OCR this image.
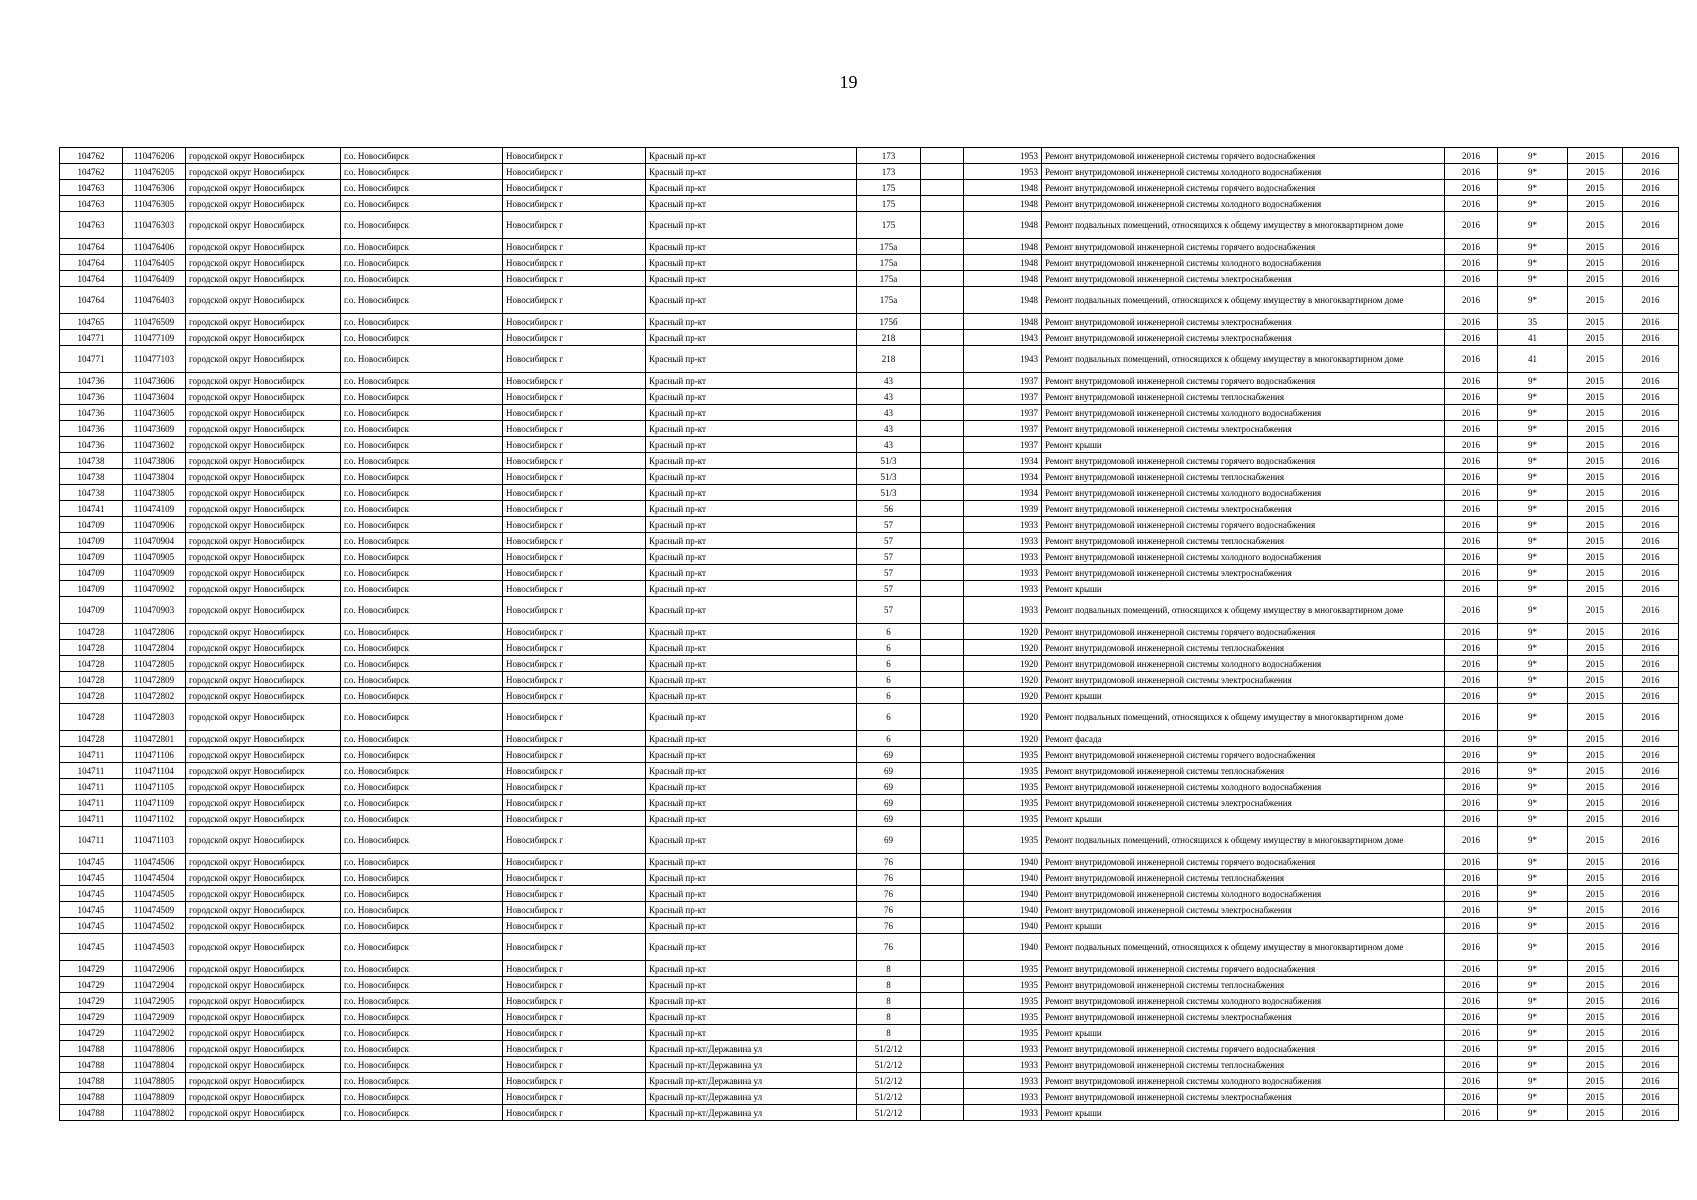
19
104762	110476206	городской округ Новосибирск	г.о. Новосибирск	Новосибирск г	Красный пр-кт	173		1953	Ремонт внутридомовой инженерной системы горячего водоснабжения	2016	9*	2015	2016
104762	110476205	городской округ Новосибирск	г.о. Новосибирск	Новосибирск г	Красный пр-кт	173		1953	Ремонт внутридомовой инженерной системы холодного водоснабжения	2016	9*	2015	2016
104763	110476306	городской округ Новосибирск	г.о. Новосибирск	Новосибирск г	Красный пр-кт	175		1948	Ремонт внутридомовой инженерной системы горячего водоснабжения	2016	9*	2015	2016
104763	110476305	городской округ Новосибирск	г.о. Новосибирск	Новосибирск г	Красный пр-кт	175		1948	Ремонт внутридомовой инженерной системы холодного водоснабжения	2016	9*	2015	2016
104763	110476303	городской округ Новосибирск	г.о. Новосибирск	Новосибирск г	Красный пр-кт	175		1948	Ремонт подвальных помещений, относящихся к общему имуществу в многоквартирном доме	2016	9*	2015	2016
104764	110476406	городской округ Новосибирск	г.о. Новосибирск	Новосибирск г	Красный пр-кт	175а		1948	Ремонт внутридомовой инженерной системы горячего водоснабжения	2016	9*	2015	2016
104764	110476405	городской округ Новосибирск	г.о. Новосибирск	Новосибирск г	Красный пр-кт	175а		1948	Ремонт внутридомовой инженерной системы холодного водоснабжения	2016	9*	2015	2016
104764	110476409	городской округ Новосибирск	г.о. Новосибирск	Новосибирск г	Красный пр-кт	175а		1948	Ремонт внутридомовой инженерной системы электроснабжения	2016	9*	2015	2016
104764	110476403	городской округ Новосибирск	г.о. Новосибирск	Новосибирск г	Красный пр-кт	175а		1948	Ремонт подвальных помещений, относящихся к общему имуществу в многоквартирном доме	2016	9*	2015	2016
104765	110476509	городской округ Новосибирск	г.о. Новосибирск	Новосибирск г	Красный пр-кт	175б		1948	Ремонт внутридомовой инженерной системы электроснабжения	2016	35	2015	2016
104771	110477109	городской округ Новосибирск	г.о. Новосибирск	Новосибирск г	Красный пр-кт	218		1943	Ремонт внутридомовой инженерной системы электроснабжения	2016	41	2015	2016
104771	110477103	городской округ Новосибирск	г.о. Новосибирск	Новосибирск г	Красный пр-кт	218		1943	Ремонт подвальных помещений, относящихся к общему имуществу в многоквартирном доме	2016	41	2015	2016
104736	110473606	городской округ Новосибирск	г.о. Новосибирск	Новосибирск г	Красный пр-кт	43		1937	Ремонт внутридомовой инженерной системы горячего водоснабжения	2016	9*	2015	2016
104736	110473604	городской округ Новосибирск	г.о. Новосибирск	Новосибирск г	Красный пр-кт	43		1937	Ремонт внутридомовой инженерной системы теплоснабжения	2016	9*	2015	2016
104736	110473605	городской округ Новосибирск	г.о. Новосибирск	Новосибирск г	Красный пр-кт	43		1937	Ремонт внутридомовой инженерной системы холодного водоснабжения	2016	9*	2015	2016
104736	110473609	городской округ Новосибирск	г.о. Новосибирск	Новосибирск г	Красный пр-кт	43		1937	Ремонт внутридомовой инженерной системы электроснабжения	2016	9*	2015	2016
104736	110473602	городской округ Новосибирск	г.о. Новосибирск	Новосибирск г	Красный пр-кт	43		1937	Ремонт крыши	2016	9*	2015	2016
104738	110473806	городской округ Новосибирск	г.о. Новосибирск	Новосибирск г	Красный пр-кт	51/3		1934	Ремонт внутридомовой инженерной системы горячего водоснабжения	2016	9*	2015	2016
104738	110473804	городской округ Новосибирск	г.о. Новосибирск	Новосибирск г	Красный пр-кт	51/3		1934	Ремонт внутридомовой инженерной системы теплоснабжения	2016	9*	2015	2016
104738	110473805	городской округ Новосибирск	г.о. Новосибирск	Новосибирск г	Красный пр-кт	51/3		1934	Ремонт внутридомовой инженерной системы холодного водоснабжения	2016	9*	2015	2016
104741	110474109	городской округ Новосибирск	г.о. Новосибирск	Новосибирск г	Красный пр-кт	56		1939	Ремонт внутридомовой инженерной системы электроснабжения	2016	9*	2015	2016
104709	110470906	городской округ Новосибирск	г.о. Новосибирск	Новосибирск г	Красный пр-кт	57		1933	Ремонт внутридомовой инженерной системы горячего водоснабжения	2016	9*	2015	2016
104709	110470904	городской округ Новосибирск	г.о. Новосибирск	Новосибирск г	Красный пр-кт	57		1933	Ремонт внутридомовой инженерной системы теплоснабжения	2016	9*	2015	2016
104709	110470905	городской округ Новосибирск	г.о. Новосибирск	Новосибирск г	Красный пр-кт	57		1933	Ремонт внутридомовой инженерной системы холодного водоснабжения	2016	9*	2015	2016
104709	110470909	городской округ Новосибирск	г.о. Новосибирск	Новосибирск г	Красный пр-кт	57		1933	Ремонт внутридомовой инженерной системы электроснабжения	2016	9*	2015	2016
104709	110470902	городской округ Новосибирск	г.о. Новосибирск	Новосибирск г	Красный пр-кт	57		1933	Ремонт крыши	2016	9*	2015	2016
104709	110470903	городской округ Новосибирск	г.о. Новосибирск	Новосибирск г	Красный пр-кт	57		1933	Ремонт подвальных помещений, относящихся к общему имуществу в многоквартирном доме	2016	9*	2015	2016
104728	110472806	городской округ Новосибирск	г.о. Новосибирск	Новосибирск г	Красный пр-кт	6		1920	Ремонт внутридомовой инженерной системы горячего водоснабжения	2016	9*	2015	2016
104728	110472804	городской округ Новосибирск	г.о. Новосибирск	Новосибирск г	Красный пр-кт	6		1920	Ремонт внутридомовой инженерной системы теплоснабжения	2016	9*	2015	2016
104728	110472805	городской округ Новосибирск	г.о. Новосибирск	Новосибирск г	Красный пр-кт	6		1920	Ремонт внутридомовой инженерной системы холодного водоснабжения	2016	9*	2015	2016
104728	110472809	городской округ Новосибирск	г.о. Новосибирск	Новосибирск г	Красный пр-кт	6		1920	Ремонт внутридомовой инженерной системы электроснабжения	2016	9*	2015	2016
104728	110472802	городской округ Новосибирск	г.о. Новосибирск	Новосибирск г	Красный пр-кт	6		1920	Ремонт крыши	2016	9*	2015	2016
104728	110472803	городской округ Новосибирск	г.о. Новосибирск	Новосибирск г	Красный пр-кт	6		1920	Ремонт подвальных помещений, относящихся к общему имуществу в многоквартирном доме	2016	9*	2015	2016
104728	110472801	городской округ Новосибирск	г.о. Новосибирск	Новосибирск г	Красный пр-кт	6		1920	Ремонт фасада	2016	9*	2015	2016
104711	110471106	городской округ Новосибирск	г.о. Новосибирск	Новосибирск г	Красный пр-кт	69		1935	Ремонт внутридомовой инженерной системы горячего водоснабжения	2016	9*	2015	2016
104711	110471104	городской округ Новосибирск	г.о. Новосибирск	Новосибирск г	Красный пр-кт	69		1935	Ремонт внутридомовой инженерной системы теплоснабжения	2016	9*	2015	2016
104711	110471105	городской округ Новосибирск	г.о. Новосибирск	Новосибирск г	Красный пр-кт	69		1935	Ремонт внутридомовой инженерной системы холодного водоснабжения	2016	9*	2015	2016
104711	110471109	городской округ Новосибирск	г.о. Новосибирск	Новосибирск г	Красный пр-кт	69		1935	Ремонт внутридомовой инженерной системы электроснабжения	2016	9*	2015	2016
104711	110471102	городской округ Новосибирск	г.о. Новосибирск	Новосибирск г	Красный пр-кт	69		1935	Ремонт крыши	2016	9*	2015	2016
104711	110471103	городской округ Новосибирск	г.о. Новосибирск	Новосибирск г	Красный пр-кт	69		1935	Ремонт подвальных помещений, относящихся к общему имуществу в многоквартирном доме	2016	9*	2015	2016
104745	110474506	городской округ Новосибирск	г.о. Новосибирск	Новосибирск г	Красный пр-кт	76		1940	Ремонт внутридомовой инженерной системы горячего водоснабжения	2016	9*	2015	2016
104745	110474504	городской округ Новосибирск	г.о. Новосибирск	Новосибирск г	Красный пр-кт	76		1940	Ремонт внутридомовой инженерной системы теплоснабжения	2016	9*	2015	2016
104745	110474505	городской округ Новосибирск	г.о. Новосибирск	Новосибирск г	Красный пр-кт	76		1940	Ремонт внутридомовой инженерной системы холодного водоснабжения	2016	9*	2015	2016
104745	110474509	городской округ Новосибирск	г.о. Новосибирск	Новосибирск г	Красный пр-кт	76		1940	Ремонт внутридомовой инженерной системы электроснабжения	2016	9*	2015	2016
104745	110474502	городской округ Новосибирск	г.о. Новосибирск	Новосибирск г	Красный пр-кт	76		1940	Ремонт крыши	2016	9*	2015	2016
104745	110474503	городской округ Новосибирск	г.о. Новосибирск	Новосибирск г	Красный пр-кт	76		1940	Ремонт подвальных помещений, относящихся к общему имуществу в многоквартирном доме	2016	9*	2015	2016
104729	110472906	городской округ Новосибирск	г.о. Новосибирск	Новосибирск г	Красный пр-кт	8		1935	Ремонт внутридомовой инженерной системы горячего водоснабжения	2016	9*	2015	2016
104729	110472904	городской округ Новосибирск	г.о. Новосибирск	Новосибирск г	Красный пр-кт	8		1935	Ремонт внутридомовой инженерной системы теплоснабжения	2016	9*	2015	2016
104729	110472905	городской округ Новосибирск	г.о. Новосибирск	Новосибирск г	Красный пр-кт	8		1935	Ремонт внутридомовой инженерной системы холодного водоснабжения	2016	9*	2015	2016
104729	110472909	городской округ Новосибирск	г.о. Новосибирск	Новосибирск г	Красный пр-кт	8		1935	Ремонт внутридомовой инженерной системы электроснабжения	2016	9*	2015	2016
104729	110472902	городской округ Новосибирск	г.о. Новосибирск	Новосибирск г	Красный пр-кт	8		1935	Ремонт крыши	2016	9*	2015	2016
104788	110478806	городской округ Новосибирск	г.о. Новосибирск	Новосибирск г	Красный пр-кт/Державина ул	51/2/12		1933	Ремонт внутридомовой инженерной системы горячего водоснабжения	2016	9*	2015	2016
104788	110478804	городской округ Новосибирск	г.о. Новосибирск	Новосибирск г	Красный пр-кт/Державина ул	51/2/12		1933	Ремонт внутридомовой инженерной системы теплоснабжения	2016	9*	2015	2016
104788	110478805	городской округ Новосибирск	г.о. Новосибирск	Новосибирск г	Красный пр-кт/Державина ул	51/2/12		1933	Ремонт внутридомовой инженерной системы холодного водоснабжения	2016	9*	2015	2016
104788	110478809	городской округ Новосибирск	г.о. Новосибирск	Новосибирск г	Красный пр-кт/Державина ул	51/2/12		1933	Ремонт внутридомовой инженерной системы электроснабжения	2016	9*	2015	2016
104788	110478802	городской округ Новосибирск	г.о. Новосибирск	Новосибирск г	Красный пр-кт/Державина ул	51/2/12		1933	Ремонт крыши	2016	9*	2015	2016
